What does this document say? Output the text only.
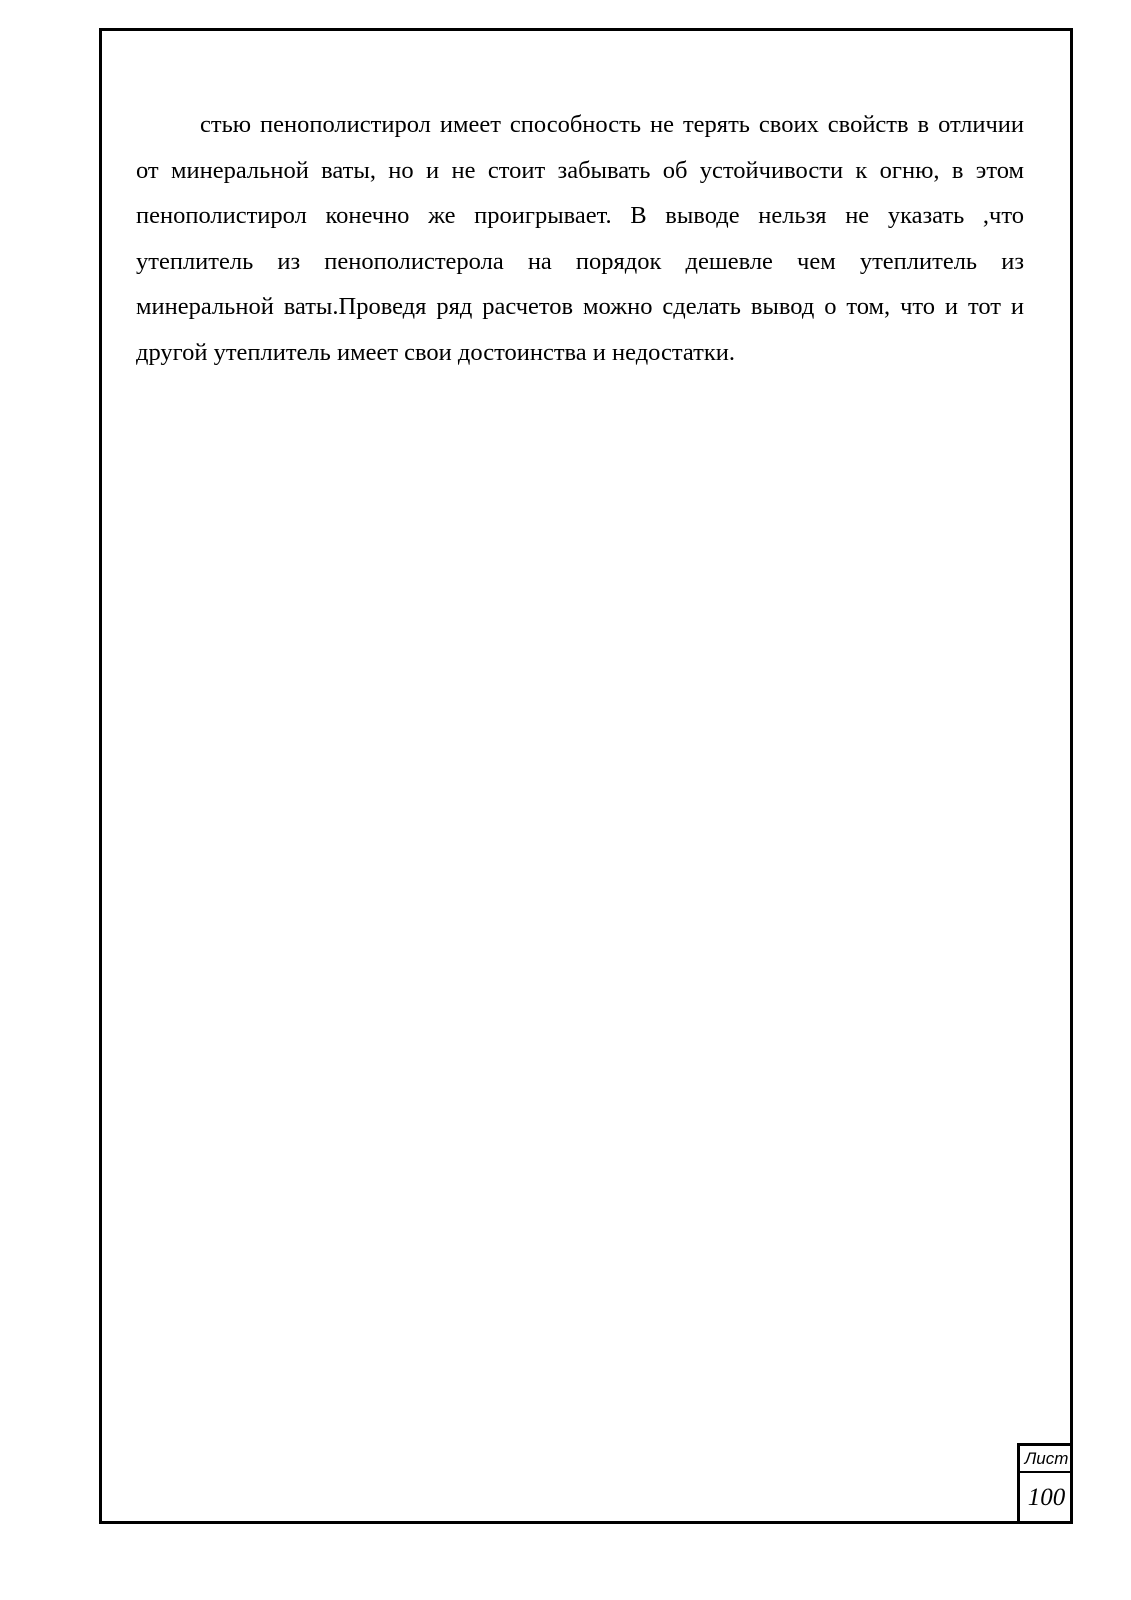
стью пенополистирол имеет способность не терять своих свойств в отличии от минеральной ваты, но и не стоит забывать об устойчивости к огню, в этом пенополистирол конечно же проигрывает. В выводе нельзя не указать ,что утеплитель из пенополистерола на порядок дешевле чем утеплитель из минеральной ваты.Проведя ряд расчетов можно сделать вывод о том, что и тот и другой утеплитель имеет свои достоинства и недостатки.

Лист
100
